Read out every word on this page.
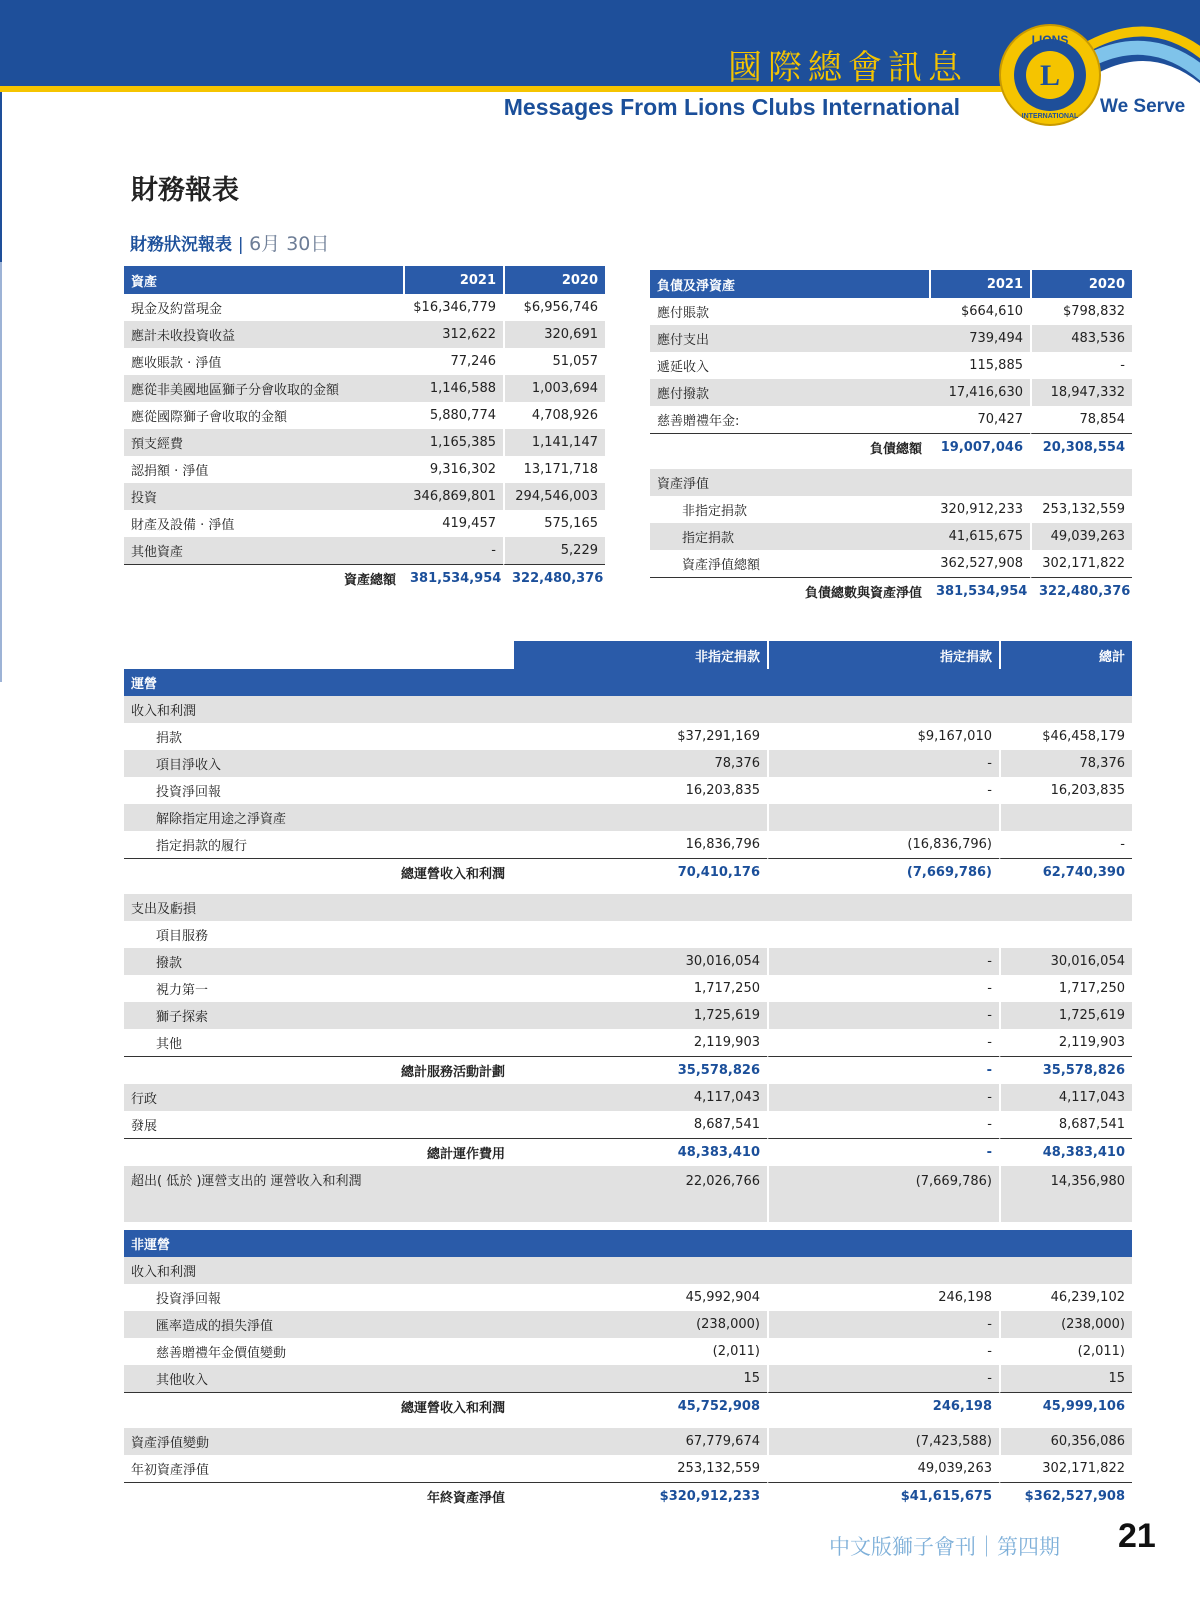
國際總會訊息
Messages From Lions Clubs International	We Serve
L
LIONS
INTERNATIONAL
財務報表
財務狀況報表 | 6月 30日
資產	2021	2020
現金及約當現金	$16,346,779	$6,956,746
應計未收投資收益	312,622	320,691
應收賬款 · 淨值	77,246	51,057
應從非美國地區獅子分會收取的金額	1,146,588	1,003,694
應從國際獅子會收取的金額	5,880,774	4,708,926
預支經費	1,165,385	1,141,147
認捐額 · 淨值	9,316,302	13,171,718
投資	346,869,801	294,546,003
財產及設備 · 淨值	419,457	575,165
其他資產	-	5,229
資產總額	381,534,954	322,480,376
負債及淨資產	2021	2020
應付賬款	$664,610	$798,832
應付支出	739,494	483,536
遞延收入	115,885	-
應付撥款	17,416,630	18,947,332
慈善贈禮年金:	70,427	78,854
負債總額	19,007,046	20,308,554

資產淨值		
非指定捐款	320,912,233	253,132,559
指定捐款	41,615,675	49,039,263
資產淨值總額	362,527,908	302,171,822
負債總數與資產淨值	381,534,954	322,480,376
	非指定捐款	指定捐款	總計
運營			
收入和利潤			
捐款	$37,291,169	$9,167,010	$46,458,179
項目淨收入	78,376	-	78,376
投資淨回報	16,203,835	-	16,203,835
解除指定用途之淨資產			
指定捐款的履行	16,836,796	(16,836,796)	-
總運營收入和利潤	70,410,176	(7,669,786)	62,740,390

支出及虧損			
項目服務			
撥款	30,016,054	-	30,016,054
視力第一	1,717,250	-	1,717,250
獅子探索	1,725,619	-	1,725,619
其他	2,119,903	-	2,119,903
總計服務活動計劃	35,578,826	-	35,578,826
行政	4,117,043	-	4,117,043
發展	8,687,541	-	8,687,541
總計運作費用	48,383,410	-	48,383,410
超出( 低於 )運營支出的 運營收入和利潤	22,026,766	(7,669,786)	14,356,980

非運營			
收入和利潤			
投資淨回報	45,992,904	246,198	46,239,102
匯率造成的損失淨值	(238,000)	-	(238,000)
慈善贈禮年金價值變動	(2,011)	-	(2,011)
其他收入	15	-	15
總運營收入和利潤	45,752,908	246,198	45,999,106

資產淨值變動	67,779,674	(7,423,588)	60,356,086
年初資產淨值	253,132,559	49,039,263	302,171,822
年終資產淨值	$320,912,233	$41,615,675	$362,527,908
中文版獅子會刊｜第四期 21
